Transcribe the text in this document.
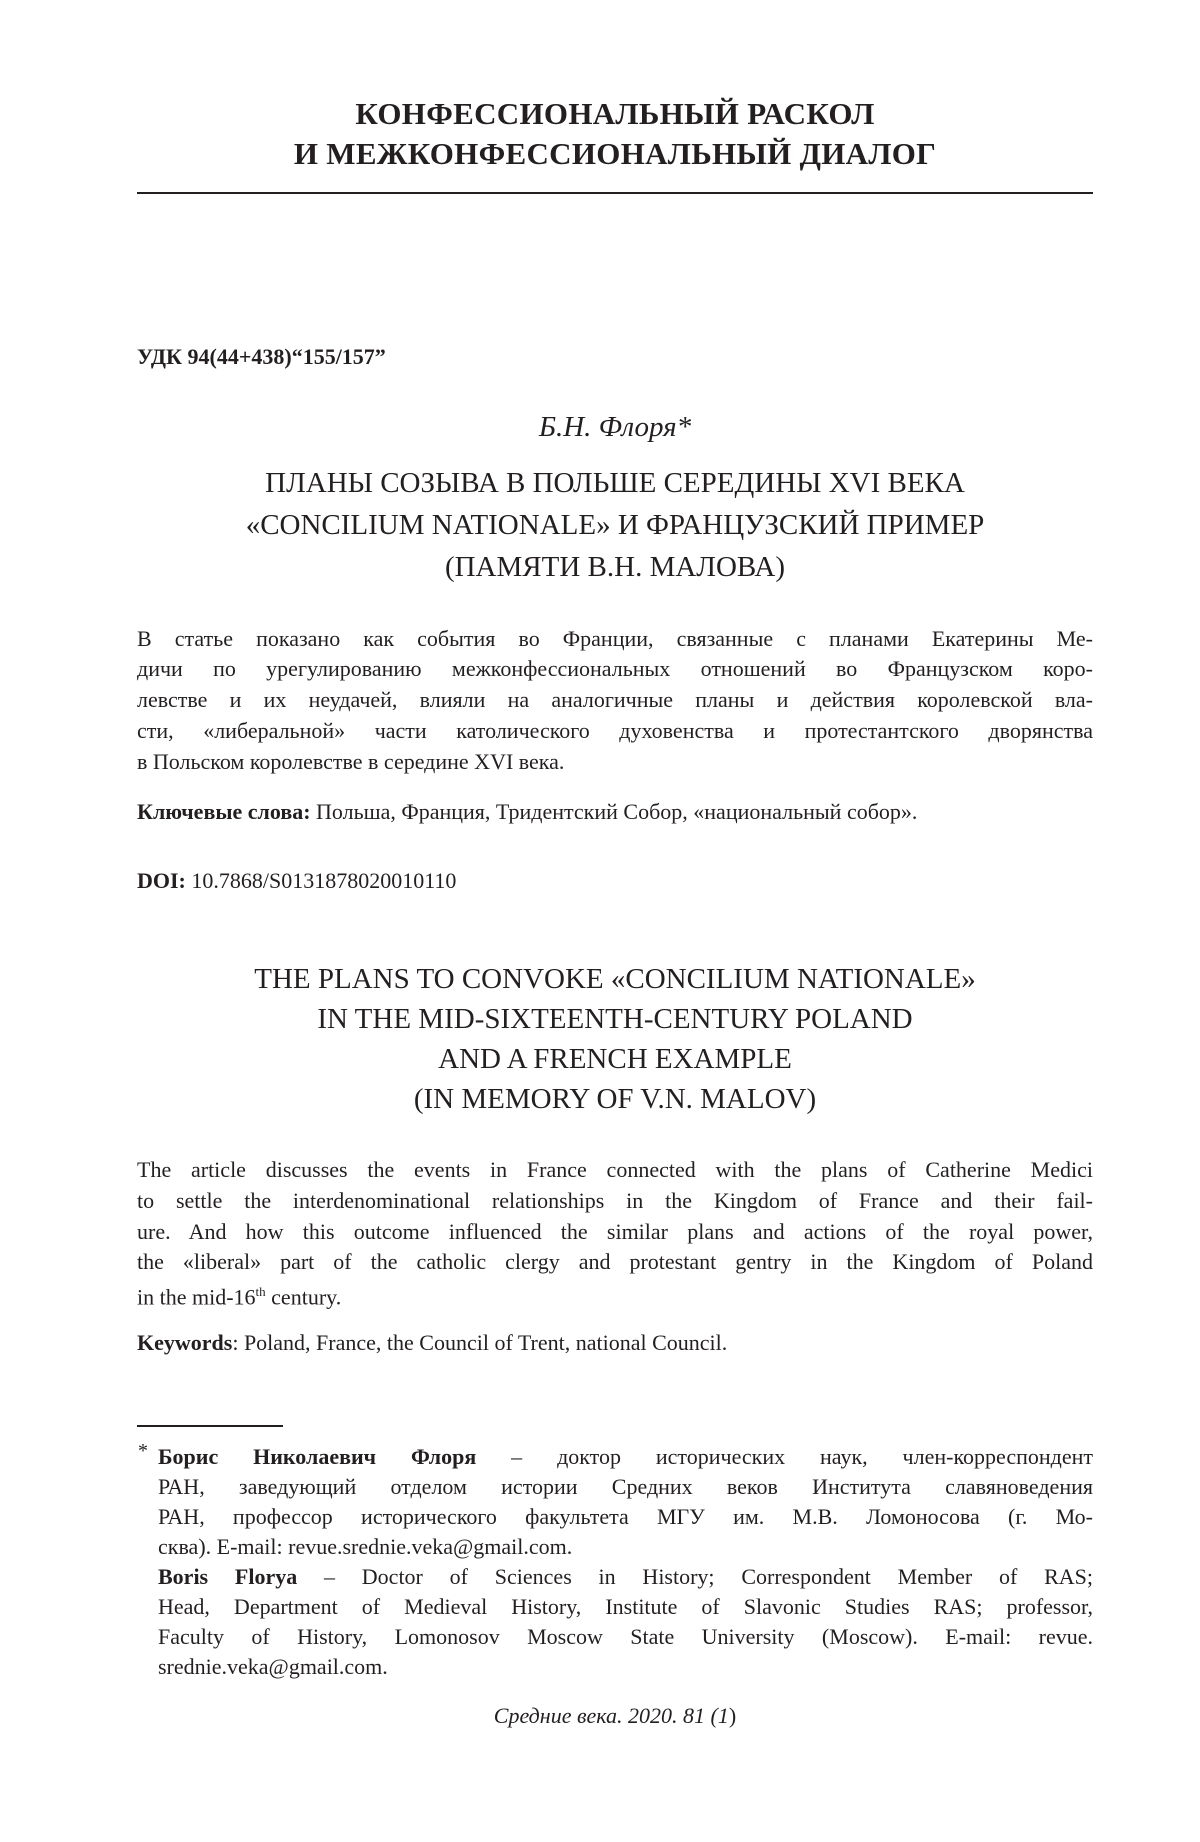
КОНФЕССИОНАЛЬНЫЙ РАСКОЛ
И МЕЖКОНФЕССИОНАЛЬНЫЙ ДИАЛОГ
УДК 94(44+438)“155/157”
Б.Н. Флоря*
ПЛАНЫ СОЗЫВА В ПОЛЬШЕ СЕРЕДИНЫ XVI ВЕКА
«CONCILIUM NATIONALE» И ФРАНЦУЗСКИЙ ПРИМЕР
(ПАМЯТИ В.Н. МАЛОВА)
В статье показано как события во Франции, связанные с планами Екатерины Ме-
дичи по урегулированию межконфессиональных отношений во Французском коро-
левстве и их неудачей, влияли на аналогичные планы и действия королевской вла-
сти, «либеральной» части католического духовенства и протестантского дворянства
в Польском королевстве в середине XVI века.
Ключевые слова: Польша, Франция, Тридентский Собор, «национальный собор».
DOI: 10.7868/S0131878020010110
THE PLANS TO CONVOKE «CONCILIUM NATIONALE»
IN THE MID-SIXTEENTH-CENTURY POLAND
AND A FRENCH EXAMPLE
(IN MEMORY OF V.N. MALOV)
The article discusses the events in France connected with the plans of Catherine Medici
to settle the interdenominational relationships in the Kingdom of France and their fail-
ure. And how this outcome influenced the similar plans and actions of the royal power,
the «liberal» part of the catholic clergy and protestant gentry in the Kingdom of Poland
in the mid-16th century.
Keywords: Poland, France, the Council of Trent, national Council.
* Борис Николаевич Флоря – доктор исторических наук, член-корреспондент
РАН, заведующий отделом истории Средних веков Института славяноведения
РАН, профессор исторического факультета МГУ им. М.В. Ломоносова (г. Мо-
сква). E-mail: revue.srednie.veka@gmail.com.
Boris Florya – Doctor of Sciences in History; Correspondent Member of RAS;
Head, Department of Medieval History, Institute of Slavonic Studies RAS; professor,
Faculty of History, Lomonosov Moscow State University (Moscow). E-mail: revue.
srednie.veka@gmail.com.
Средние века. 2020. 81 (1)
